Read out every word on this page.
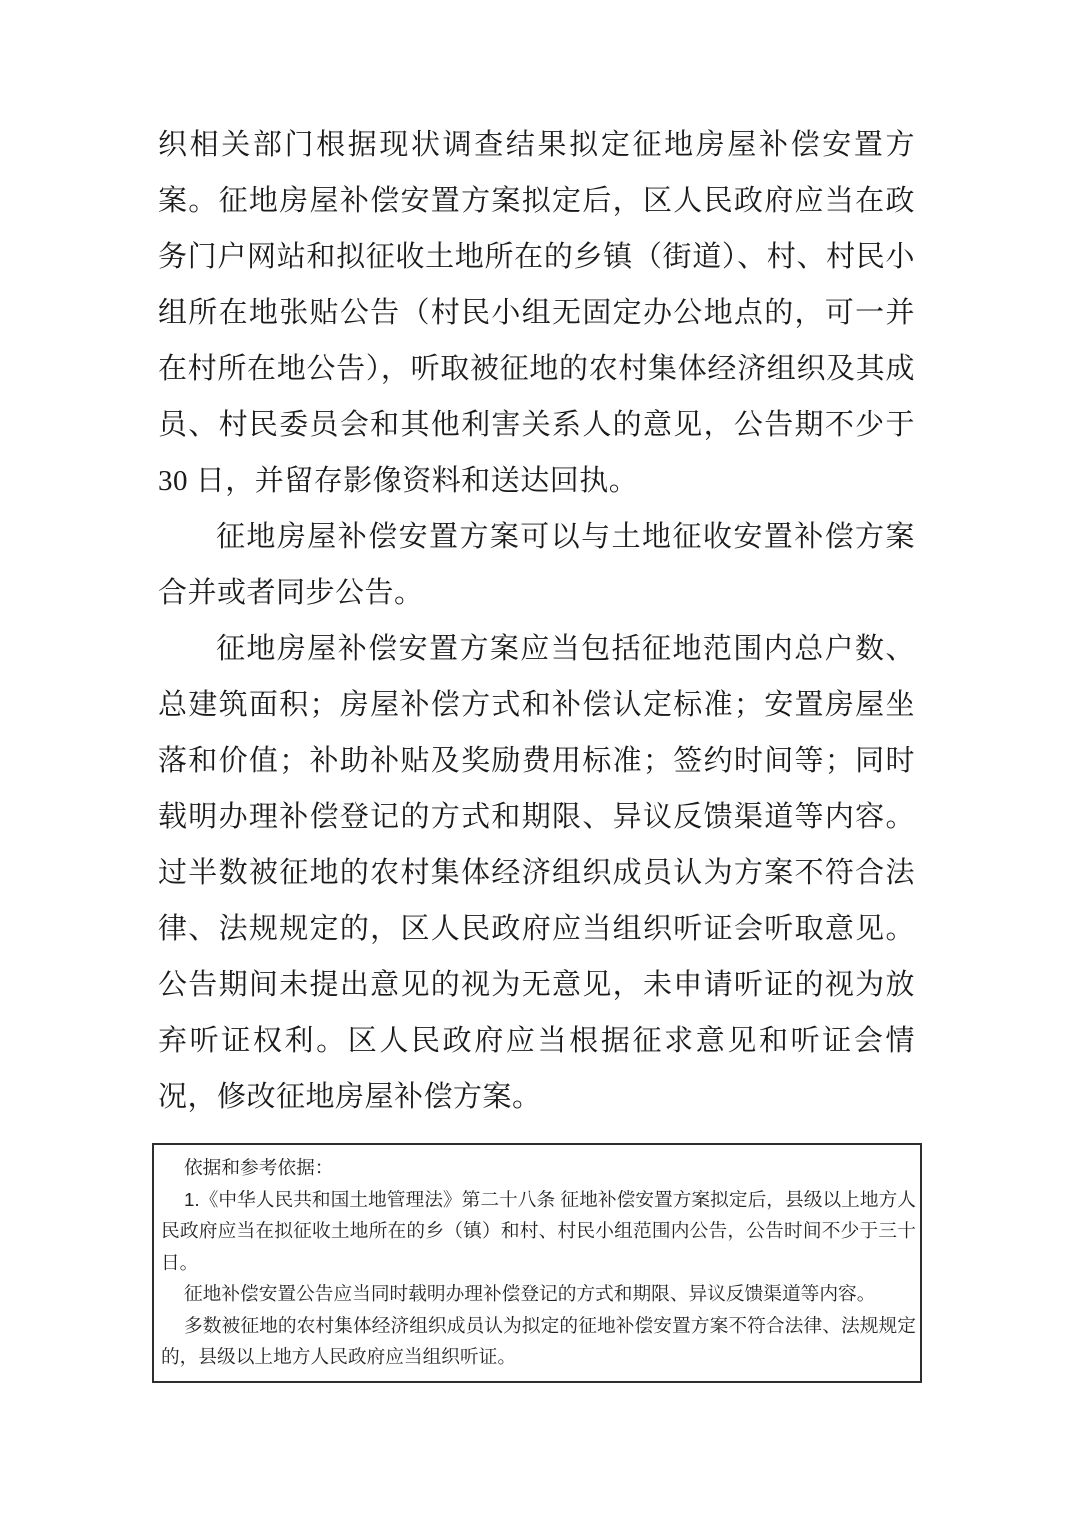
织相关部门根据现状调查结果拟定征地房屋补偿安置方案。征地房屋补偿安置方案拟定后，区人民政府应当在政务门户网站和拟征收土地所在的乡镇（街道）、村、村民小组所在地张贴公告（村民小组无固定办公地点的，可一并在村所在地公告），听取被征地的农村集体经济组织及其成员、村民委员会和其他利害关系人的意见，公告期不少于 30 日，并留存影像资料和送达回执。

征地房屋补偿安置方案可以与土地征收安置补偿方案合并或者同步公告。

征地房屋补偿安置方案应当包括征地范围内总户数、总建筑面积；房屋补偿方式和补偿认定标准；安置房屋坐落和价值；补助补贴及奖励费用标准；签约时间等；同时载明办理补偿登记的方式和期限、异议反馈渠道等内容。过半数被征地的农村集体经济组织成员认为方案不符合法律、法规规定的，区人民政府应当组织听证会听取意见。公告期间未提出意见的视为无意见，未申请听证的视为放弃听证权利。区人民政府应当根据征求意见和听证会情况，修改征地房屋补偿方案。

依据和参考依据：

1.《中华人民共和国土地管理法》第二十八条 征地补偿安置方案拟定后，县级以上地方人民政府应当在拟征收土地所在的乡（镇）和村、村民小组范围内公告，公告时间不少于三十日。

征地补偿安置公告应当同时载明办理补偿登记的方式和期限、异议反馈渠道等内容。

多数被征地的农村集体经济组织成员认为拟定的征地补偿安置方案不符合法律、法规规定的，县级以上地方人民政府应当组织听证。
